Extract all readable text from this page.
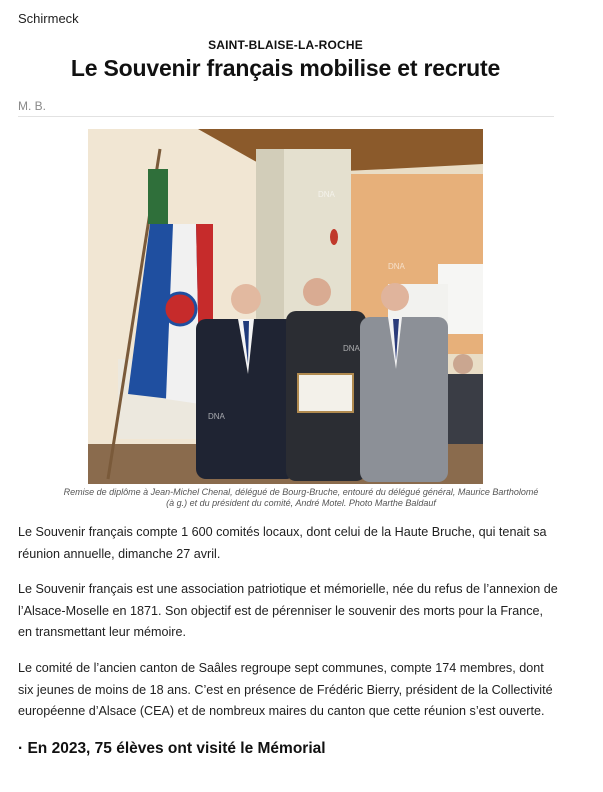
Schirmeck
SAINT-BLAISE-LA-ROCHE
Le Souvenir français mobilise et recrute
M. B.
DNA
DNA
DNA
DNA
Remise de diplôme à Jean-Michel Chenal, délégué de Bourg-Bruche, entouré du délégué général, Maurice Bartholomé
(à g.) et du président du comité, André Motel. Photo Marthe Baldauf

Le Souvenir français compte 1 600 comités locaux, dont celui de la Haute Bruche, qui tenait sa réunion annuelle, dimanche 27 avril.

Le Souvenir français est une association patriotique et mémorielle, née du refus de l’annexion de l’Alsace-Moselle en 1871. Son objectif est de pérenniser le souvenir des morts pour la France, en transmettant leur mémoire.

Le comité de l’ancien canton de Saâles regroupe sept communes, compte 174 membres, dont six jeunes de moins de 18 ans. C’est en présence de Frédéric Bierry, président de la Collectivité européenne d’Alsace (CEA) et de nombreux maires du canton que cette réunion s’est ouverte.

· En 2023, 75 élèves ont visité le Mémorial
